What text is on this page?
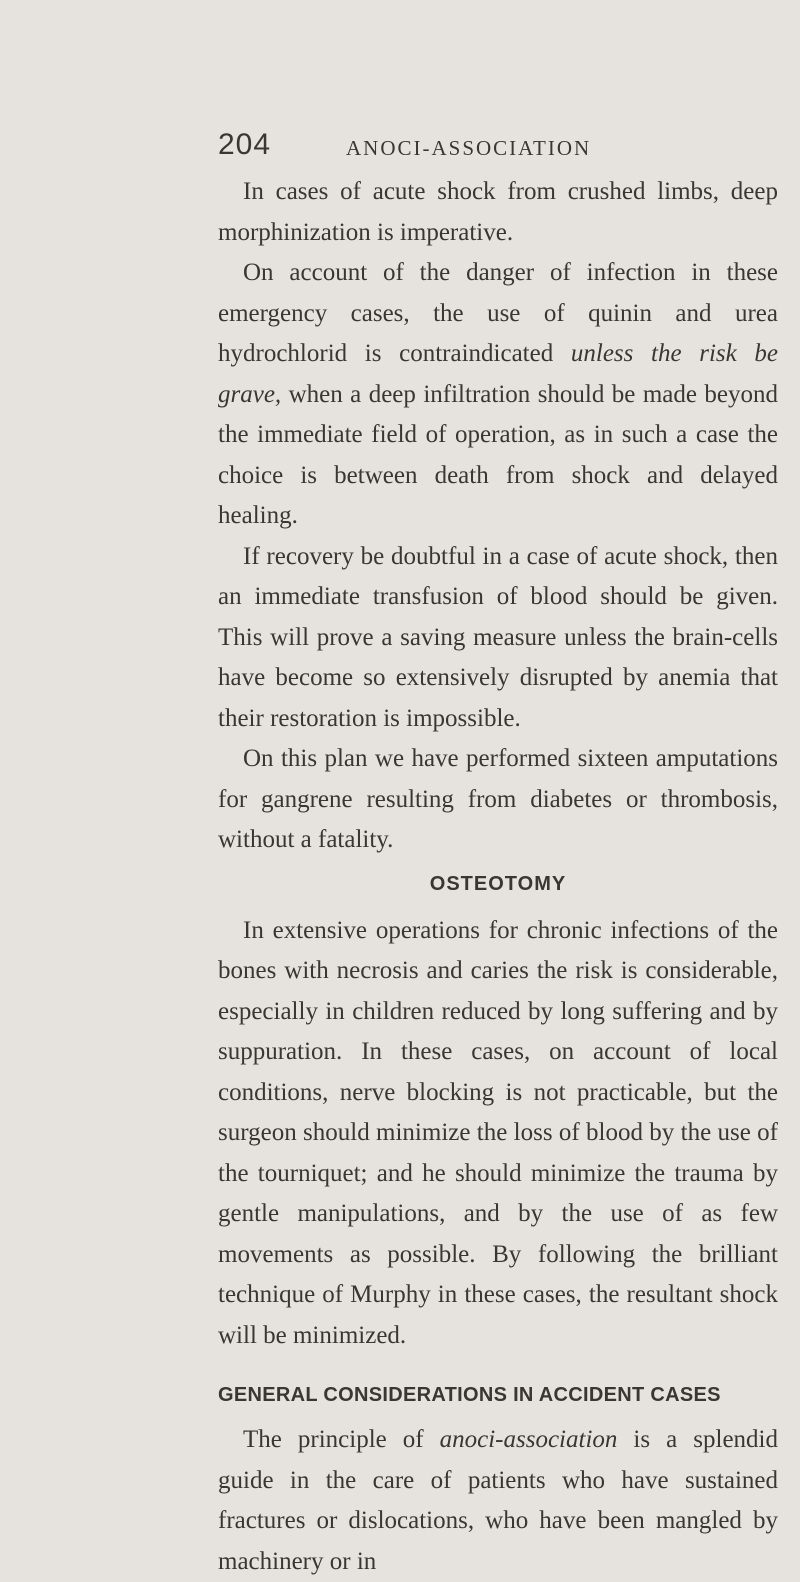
204	ANOCI-ASSOCIATION

In cases of acute shock from crushed limbs, deep morphinization is imperative.

On account of the danger of infection in these emergency cases, the use of quinin and urea hydrochlorid is contraindicated unless the risk be grave, when a deep infiltration should be made beyond the immediate field of operation, as in such a case the choice is between death from shock and delayed healing.

If recovery be doubtful in a case of acute shock, then an immediate transfusion of blood should be given. This will prove a saving measure unless the brain-cells have become so extensively disrupted by anemia that their restoration is impossible.

On this plan we have performed sixteen amputations for gangrene resulting from diabetes or thrombosis, without a fatality.

OSTEOTOMY

In extensive operations for chronic infections of the bones with necrosis and caries the risk is considerable, especially in children reduced by long suffering and by suppuration. In these cases, on account of local conditions, nerve blocking is not practicable, but the surgeon should minimize the loss of blood by the use of the tourniquet; and he should minimize the trauma by gentle manipulations, and by the use of as few movements as possible. By following the brilliant technique of Murphy in these cases, the resultant shock will be minimized.

GENERAL CONSIDERATIONS IN ACCIDENT CASES

The principle of anoci-association is a splendid guide in the care of patients who have sustained fractures or dislocations, who have been mangled by machinery or in
